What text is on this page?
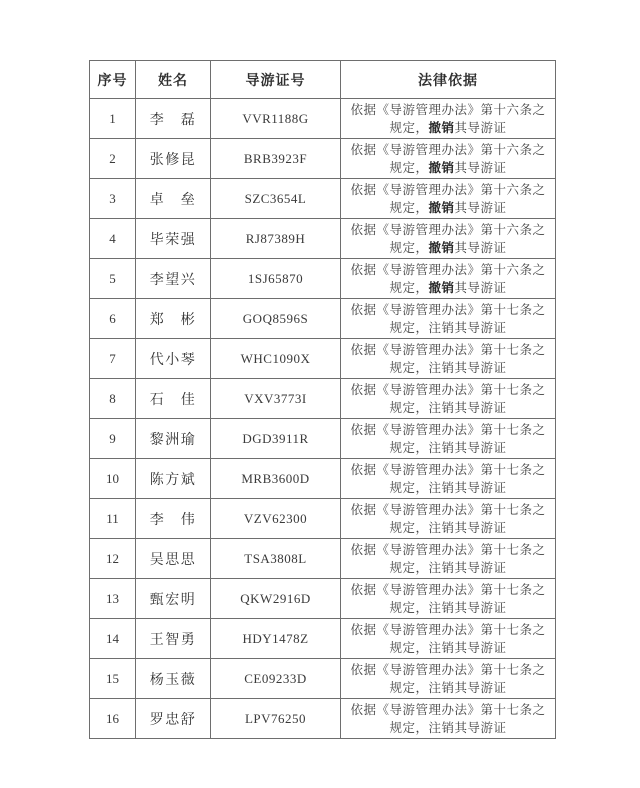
序号	姓名	导游证号	法律依据
1	李　磊	VVR1188G	依据《导游管理办法》第十六条之
规定，撤销其导游证

2	张修昆	BRB3923F	依据《导游管理办法》第十六条之
规定，撤销其导游证

3	卓　垒	SZC3654L	依据《导游管理办法》第十六条之
规定，撤销其导游证

4	毕荣强	RJ87389H	依据《导游管理办法》第十六条之
规定，撤销其导游证

5	李望兴	1SJ65870	依据《导游管理办法》第十六条之
规定，撤销其导游证

6	郑　彬	GOQ8596S	依据《导游管理办法》第十七条之
规定，注销其导游证

7	代小琴	WHC1090X	依据《导游管理办法》第十七条之
规定，注销其导游证

8	石　佳	VXV3773I	依据《导游管理办法》第十七条之
规定，注销其导游证

9	黎洲瑜	DGD3911R	依据《导游管理办法》第十七条之
规定，注销其导游证

10	陈方斌	MRB3600D	依据《导游管理办法》第十七条之
规定，注销其导游证

11	李　伟	VZV62300	依据《导游管理办法》第十七条之
规定，注销其导游证

12	吴思思	TSA3808L	依据《导游管理办法》第十七条之
规定，注销其导游证

13	甄宏明	QKW2916D	依据《导游管理办法》第十七条之
规定，注销其导游证

14	王智勇	HDY1478Z	依据《导游管理办法》第十七条之
规定，注销其导游证

15	杨玉薇	CE09233D	依据《导游管理办法》第十七条之
规定，注销其导游证

16	罗忠舒	LPV76250	依据《导游管理办法》第十七条之
规定，注销其导游证
